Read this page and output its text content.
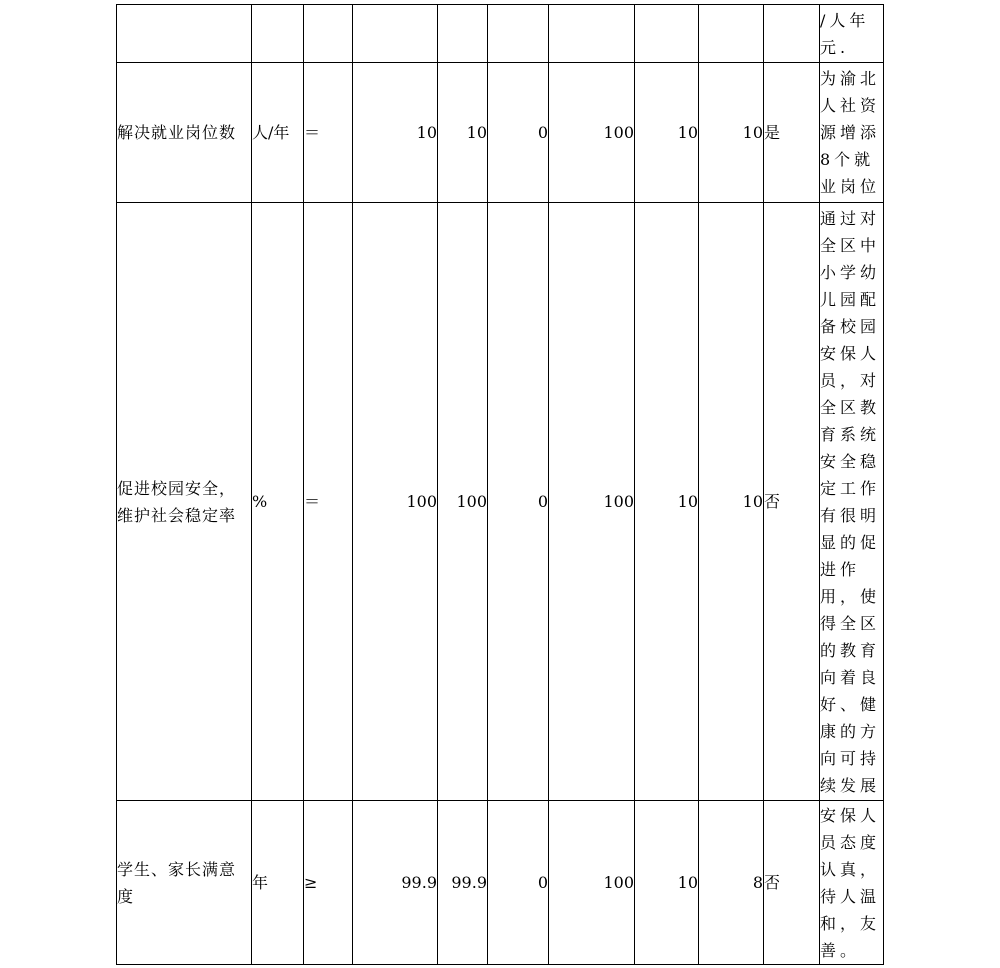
										/人年元.
解决就业岗位数	人/年	＝	10	10	0	100	10	10	是	为渝北人社资源增添8个就业岗位
促进校园安全，维护社会稳定率	%	＝	100	100	0	100	10	10	否	通过对全区中小学幼儿园配备校园安保人员，对全区教育系统安全稳定工作有很明显的促进作用，使得全区的教育向着良好、健康的方向可持续发展
学生、家长满意度	年	≥	99.9	99.9	0	100	10	8	否	安保人员态度认真，待人温和，友善。
